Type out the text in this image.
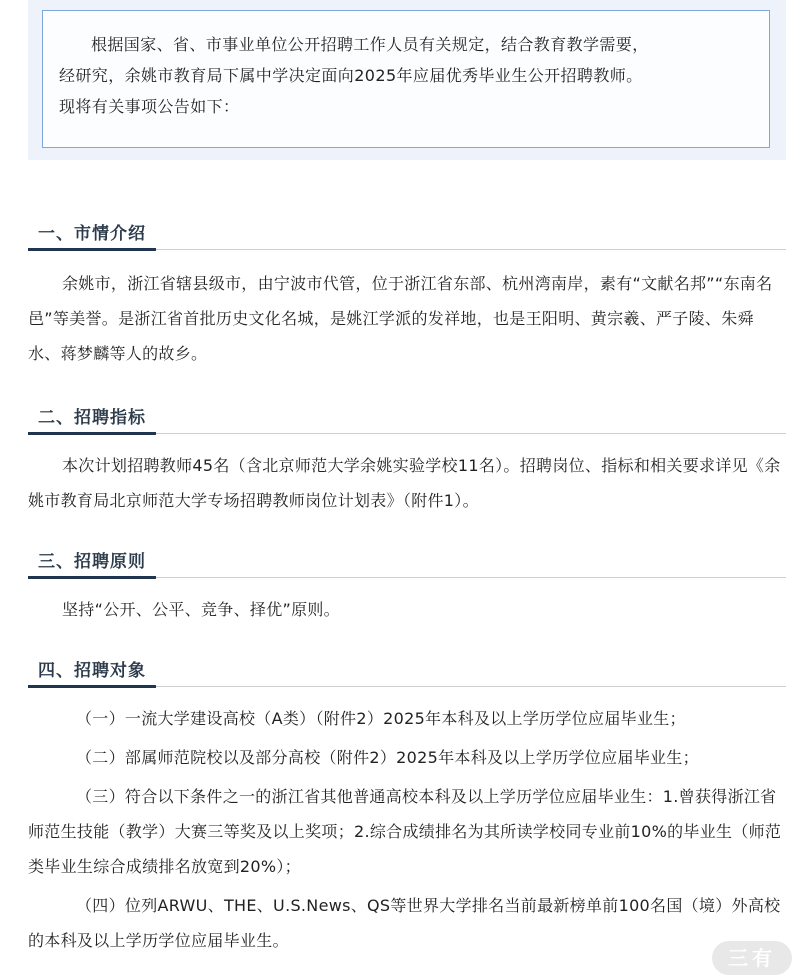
根据国家、省、市事业单位公开招聘工作人员有关规定，结合教育教学需要，

经研究，余姚市教育局下属中学决定面向2025年应届优秀毕业生公开招聘教师。

现将有关事项公告如下：

一、市情介绍

余姚市，浙江省辖县级市，由宁波市代管，位于浙江省东部、杭州湾南岸，素有“文献名邦”“东南名邑”等美誉。是浙江省首批历史文化名城，是姚江学派的发祥地，也是王阳明、黄宗羲、严子陵、朱舜水、蒋梦麟等人的故乡。

二、招聘指标

本次计划招聘教师45名（含北京师范大学余姚实验学校11名）。招聘岗位、指标和相关要求详见《余姚市教育局北京师范大学专场招聘教师岗位计划表》（附件1）。

三、招聘原则

坚持“公开、公平、竞争、择优”原则。

四、招聘对象

（一）一流大学建设高校（A类）（附件2）2025年本科及以上学历学位应届毕业生；

（二）部属师范院校以及部分高校（附件2）2025年本科及以上学历学位应届毕业生；

（三）符合以下条件之一的浙江省其他普通高校本科及以上学历学位应届毕业生：1.曾获得浙江省师范生技能（教学）大赛三等奖及以上奖项；2.综合成绩排名为其所读学校同专业前10%的毕业生（师范类毕业生综合成绩排名放宽到20%）；

（四）位列ARWU、THE、U.S.News、QS等世界大学排名当前最新榜单前100名国（境）外高校的本科及以上学历学位应届毕业生。

三有
